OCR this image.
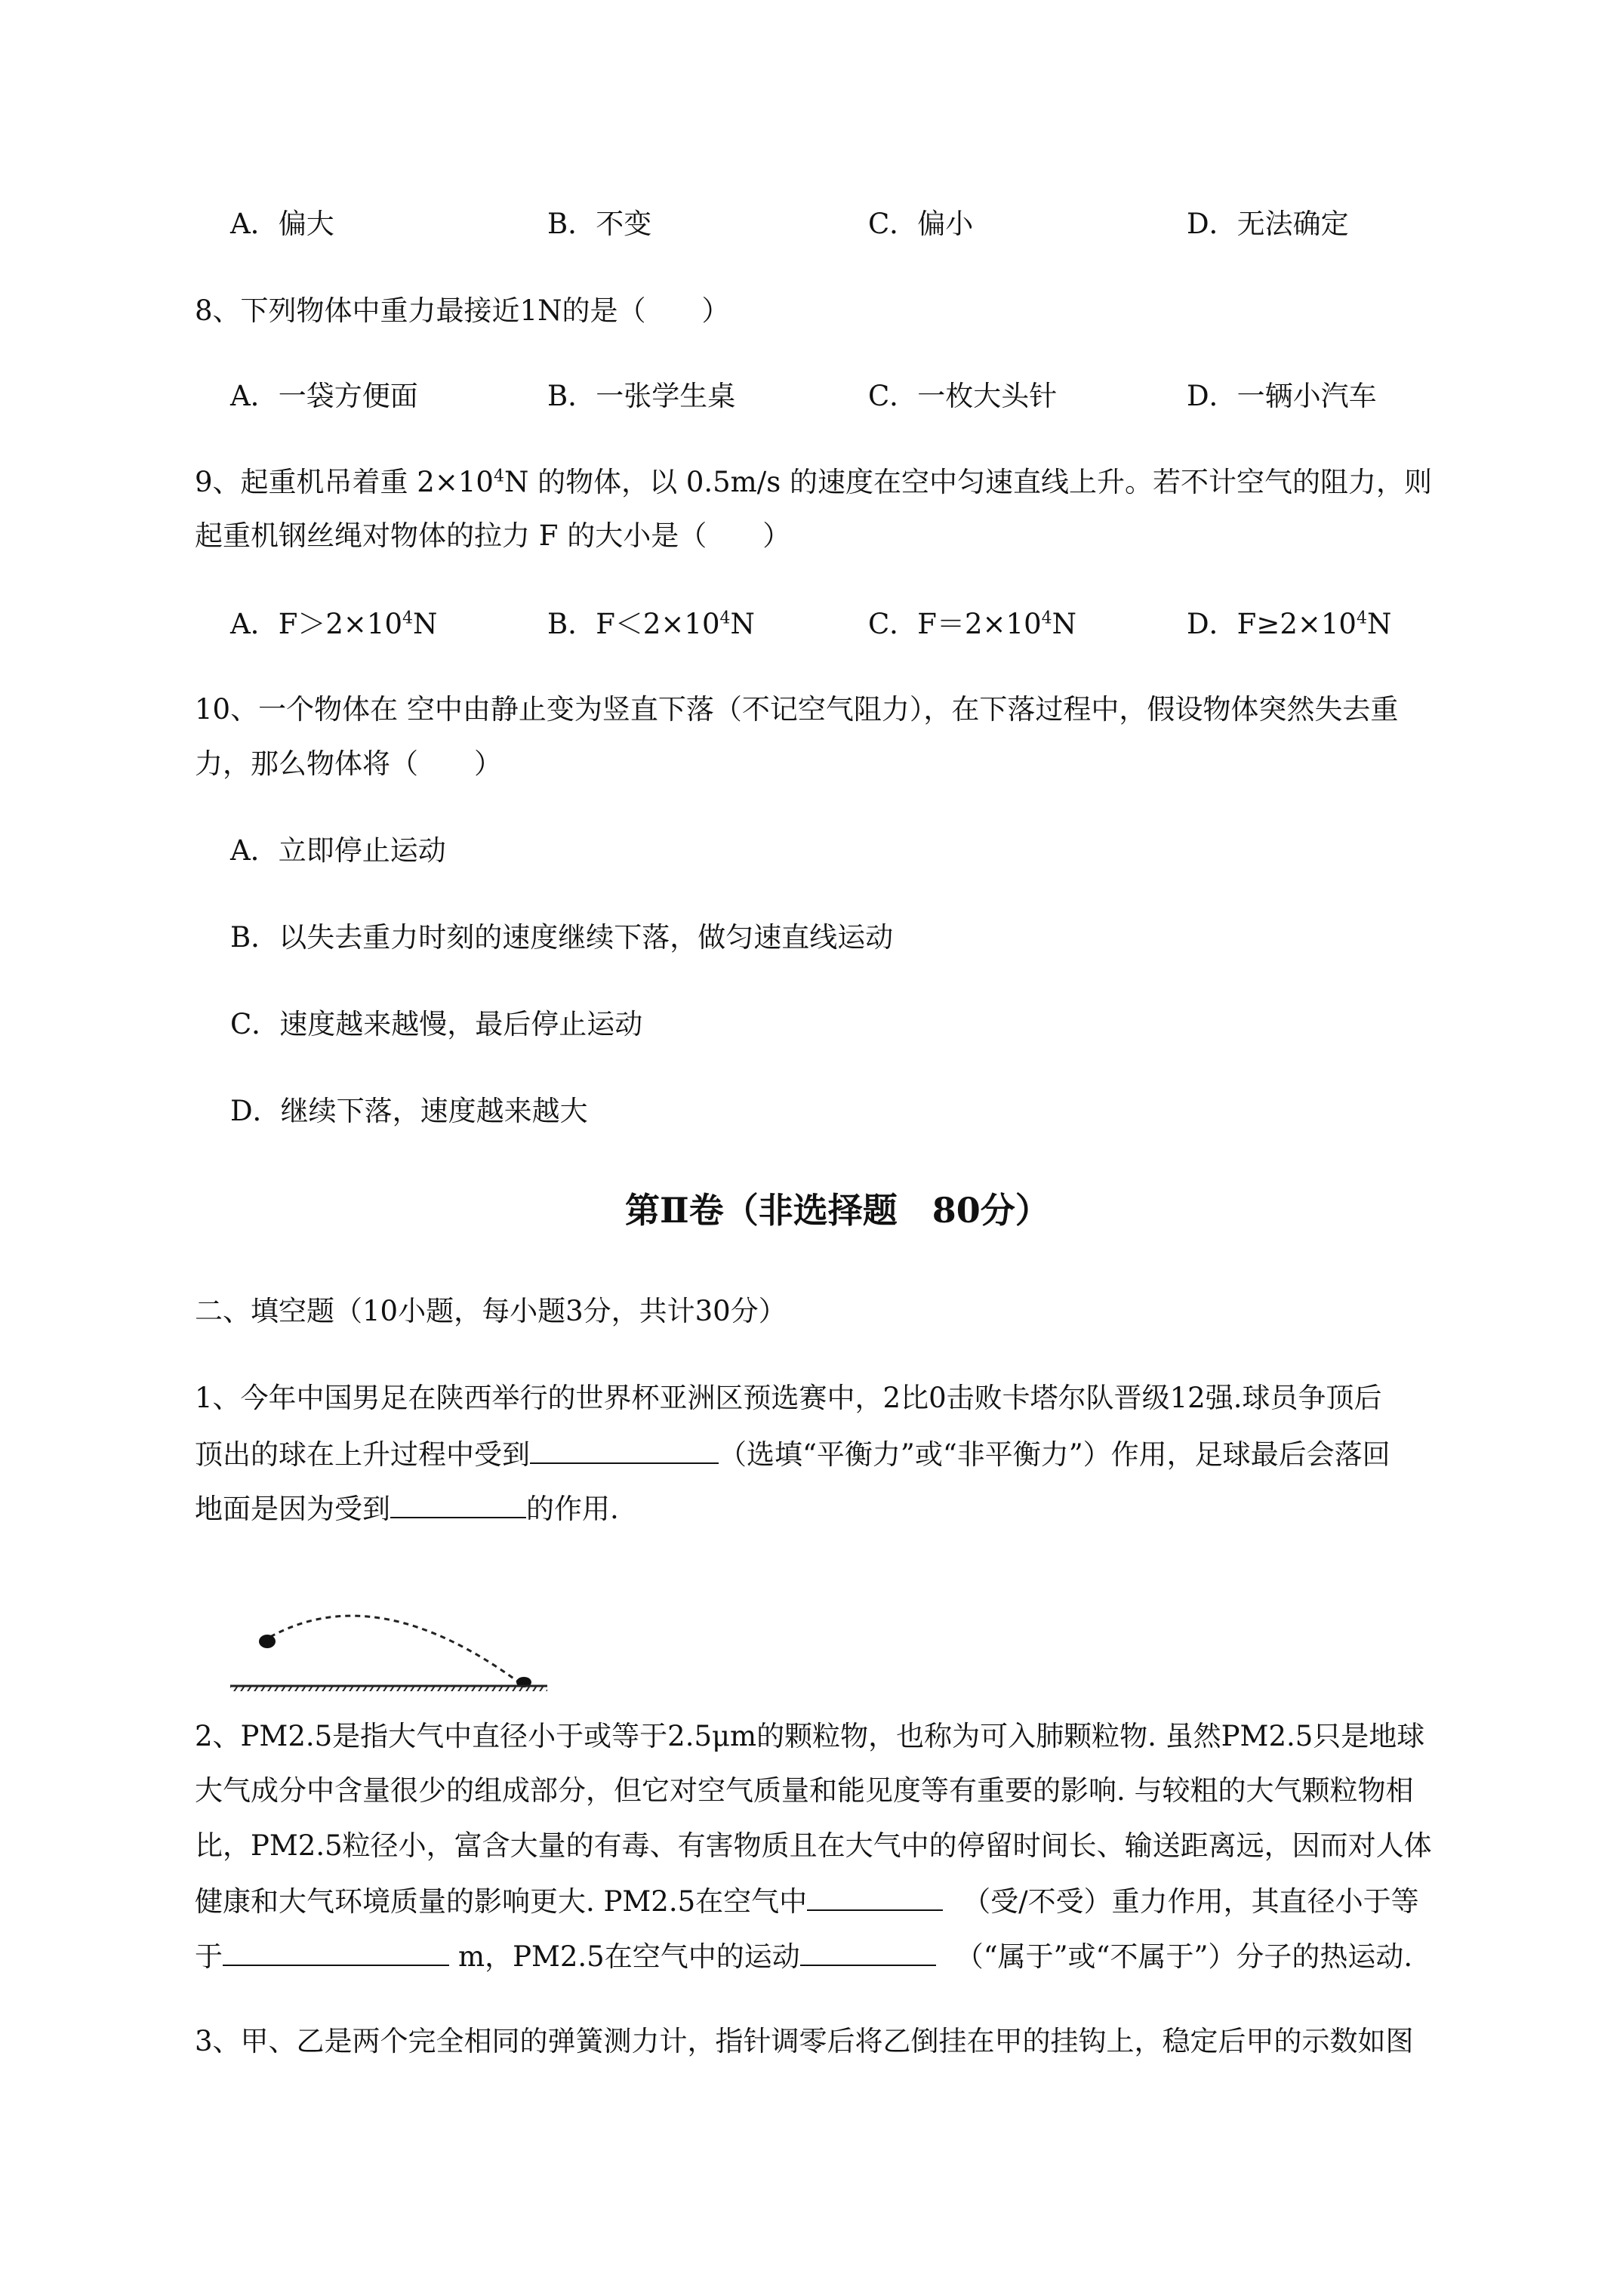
A．偏大	B．不变	C．偏小	D．无法确定
8、下列物体中重力最接近1N的是（　　）
A．一袋方便面	B．一张学生桌	C．一枚大头针	D．一辆小汽车
9、起重机吊着重 $2\times 10^4N$ 的物体，以 0.5m/s 的速度在空中匀速直线上升。若不计空气的阻力，则
起重机钢丝绳对物体的拉力 F 的大小是（　　）
A．$F>2\times 10^4N$	B．$F<2\times 10^4N$	C．$F=2\times 10^4N$	D．$F\ge 2\times 10^4N$
10、一个物体在 空中由静止变为竖直下落（不记空气阻力），在下落过程中，假设物体突然失去重
力，那么物体将（　　）
A．立即停止运动
B．以失去重力时刻的速度继续下落，做匀速直线运动
C．速度越来越慢，最后停止运动
D．继续下落，速度越来越大
第Ⅱ卷（非选择题　80分）
二、填空题（10小题，每小题3分，共计30分）
1、今年中国男足在陕西举行的世界杯亚洲区预选赛中，2比0击败卡塔尔队晋级12强.球员争顶后
顶出的球在上升过程中受到	（选填“平衡力”或“非平衡力”）作用，足球最后会落回
地面是因为受到	的作用.
2、PM2.5是指大气中直径小于或等于2.5μm的颗粒物，也称为可入肺颗粒物. 虽然PM2.5只是地球
大气成分中含量很少的组成部分，但它对空气质量和能见度等有重要的影响. 与较粗的大气颗粒物相
比，PM2.5粒径小，富含大量的有毒、有害物质且在大气中的停留时间长、输送距离远，因而对人体
健康和大气环境质量的影响更大. PM2.5在空气中	（受/不受）重力作用，其直径小于等
于	m，PM2.5在空气中的运动	（“属于”或“不属于”）分子的热运动.
3、甲、乙是两个完全相同的弹簧测力计，指针调零后将乙倒挂在甲的挂钩上，稳定后甲的示数如图
